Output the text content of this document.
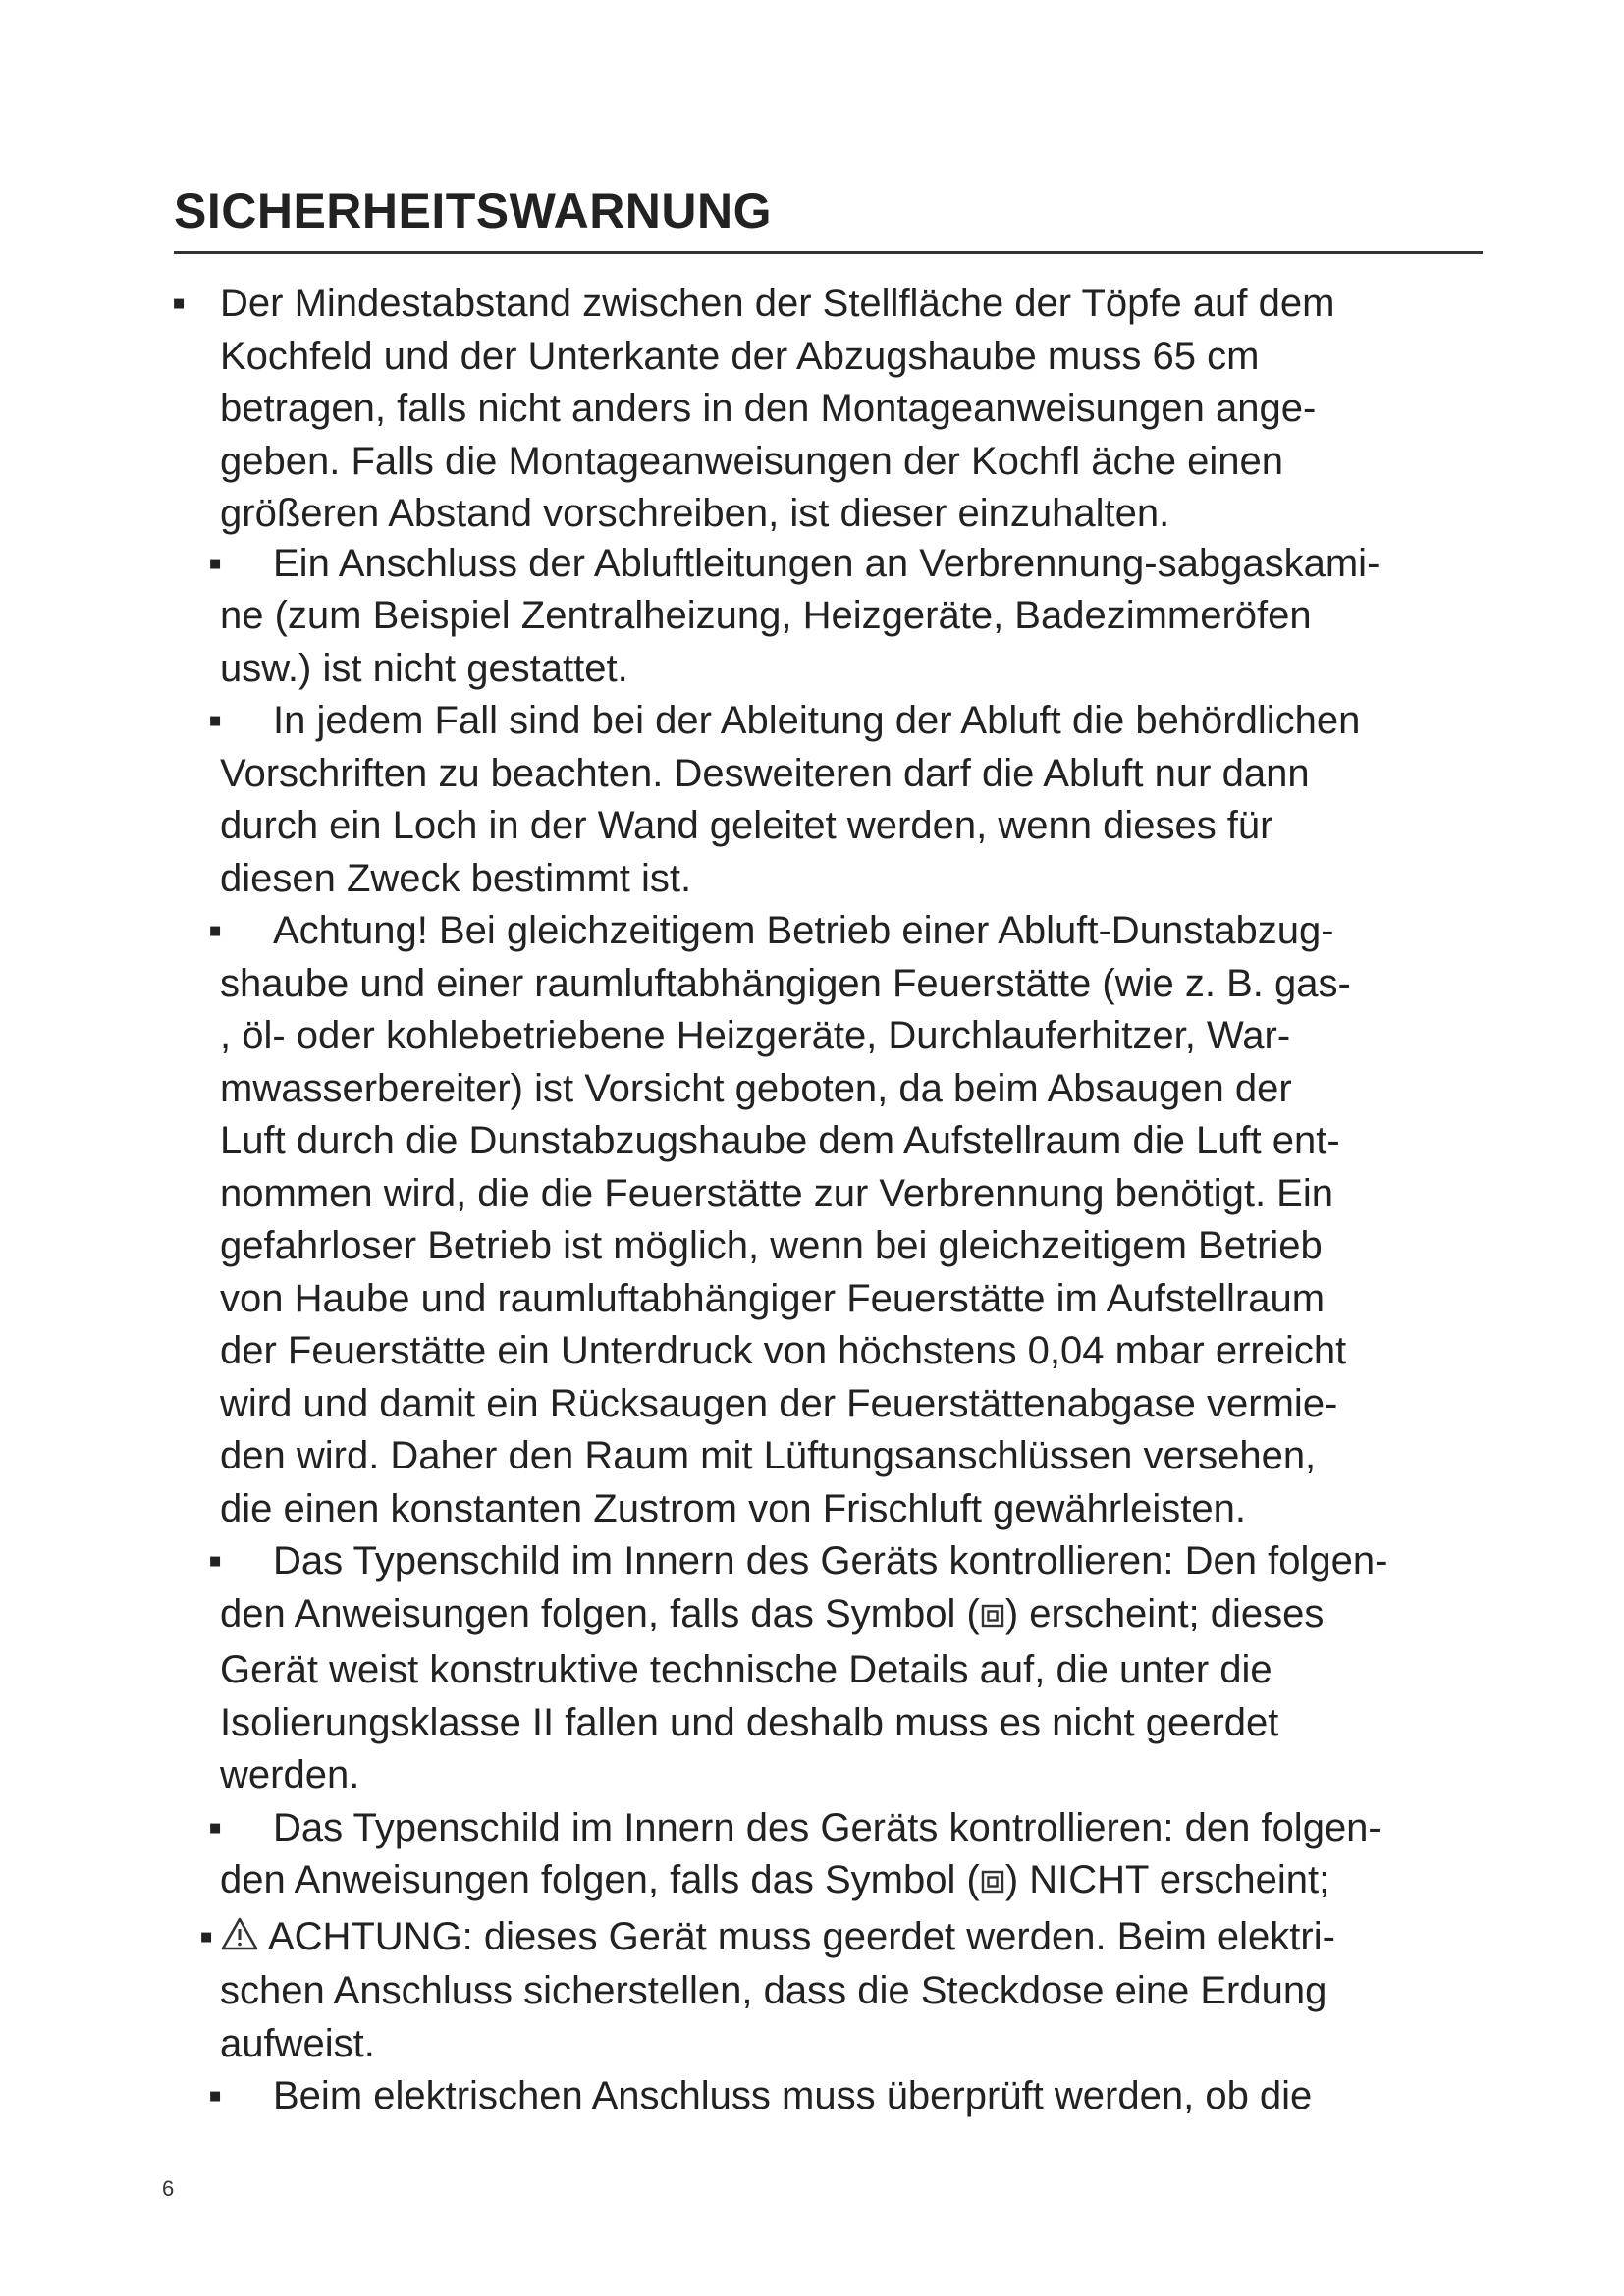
SICHERHEITSWARNUNG
▪ Der Mindestabstand zwischen der Stellfläche der Töpfe auf dem
Kochfeld und der Unterkante der Abzugshaube muss 65 cm
betragen, falls nicht anders in den Montageanweisungen ange-
geben. Falls die Montageanweisungen der Kochfl äche einen
größeren Abstand vorschreiben, ist dieser einzuhalten.
▪	Ein Anschluss der Abluftleitungen an Verbrennung-sabgaskami-
ne (zum Beispiel Zentralheizung, Heizgeräte, Badezimmeröfen
usw.) ist nicht gestattet.
▪	In jedem Fall sind bei der Ableitung der Abluft die behördlichen
Vorschriften zu beachten. Desweiteren darf die Abluft nur dann
durch ein Loch in der Wand geleitet werden, wenn dieses für
diesen Zweck bestimmt ist.
▪	Achtung! Bei gleichzeitigem Betrieb einer Abluft-Dunstabzug-
shaube und einer raumluftabhängigen Feuerstätte (wie z. B. gas-
, öl- oder kohlebetriebene Heizgeräte, Durchlauferhitzer, War-
mwasserbereiter) ist Vorsicht geboten, da beim Absaugen der
Luft durch die Dunstabzugshaube dem Aufstellraum die Luft ent-
nommen wird, die die Feuerstätte zur Verbrennung benötigt. Ein
gefahrloser Betrieb ist möglich, wenn bei gleichzeitigem Betrieb
von Haube und raumluftabhängiger Feuerstätte im Aufstellraum
der Feuerstätte ein Unterdruck von höchstens 0,04 mbar erreicht
wird und damit ein Rücksaugen der Feuerstättenabgase vermie-
den wird. Daher den Raum mit Lüftungsanschlüssen versehen,
die einen konstanten Zustrom von Frischluft gewährleisten.
▪	Das Typenschild im Innern des Geräts kontrollieren: Den folgen-
den Anweisungen folgen, falls das Symbol ( ) erscheint; dieses
Gerät weist konstruktive technische Details auf, die unter die
Isolierungsklasse II fallen und deshalb muss es nicht geerdet
werden.
▪	Das Typenschild im Innern des Geräts kontrollieren: den folgen-
den Anweisungen folgen, falls das Symbol ( ) NICHT erscheint;
▪	ACHTUNG: dieses Gerät muss geerdet werden. Beim elektri-
schen Anschluss sicherstellen, dass die Steckdose eine Erdung
aufweist.
▪	Beim elektrischen Anschluss muss überprüft werden, ob die
6
